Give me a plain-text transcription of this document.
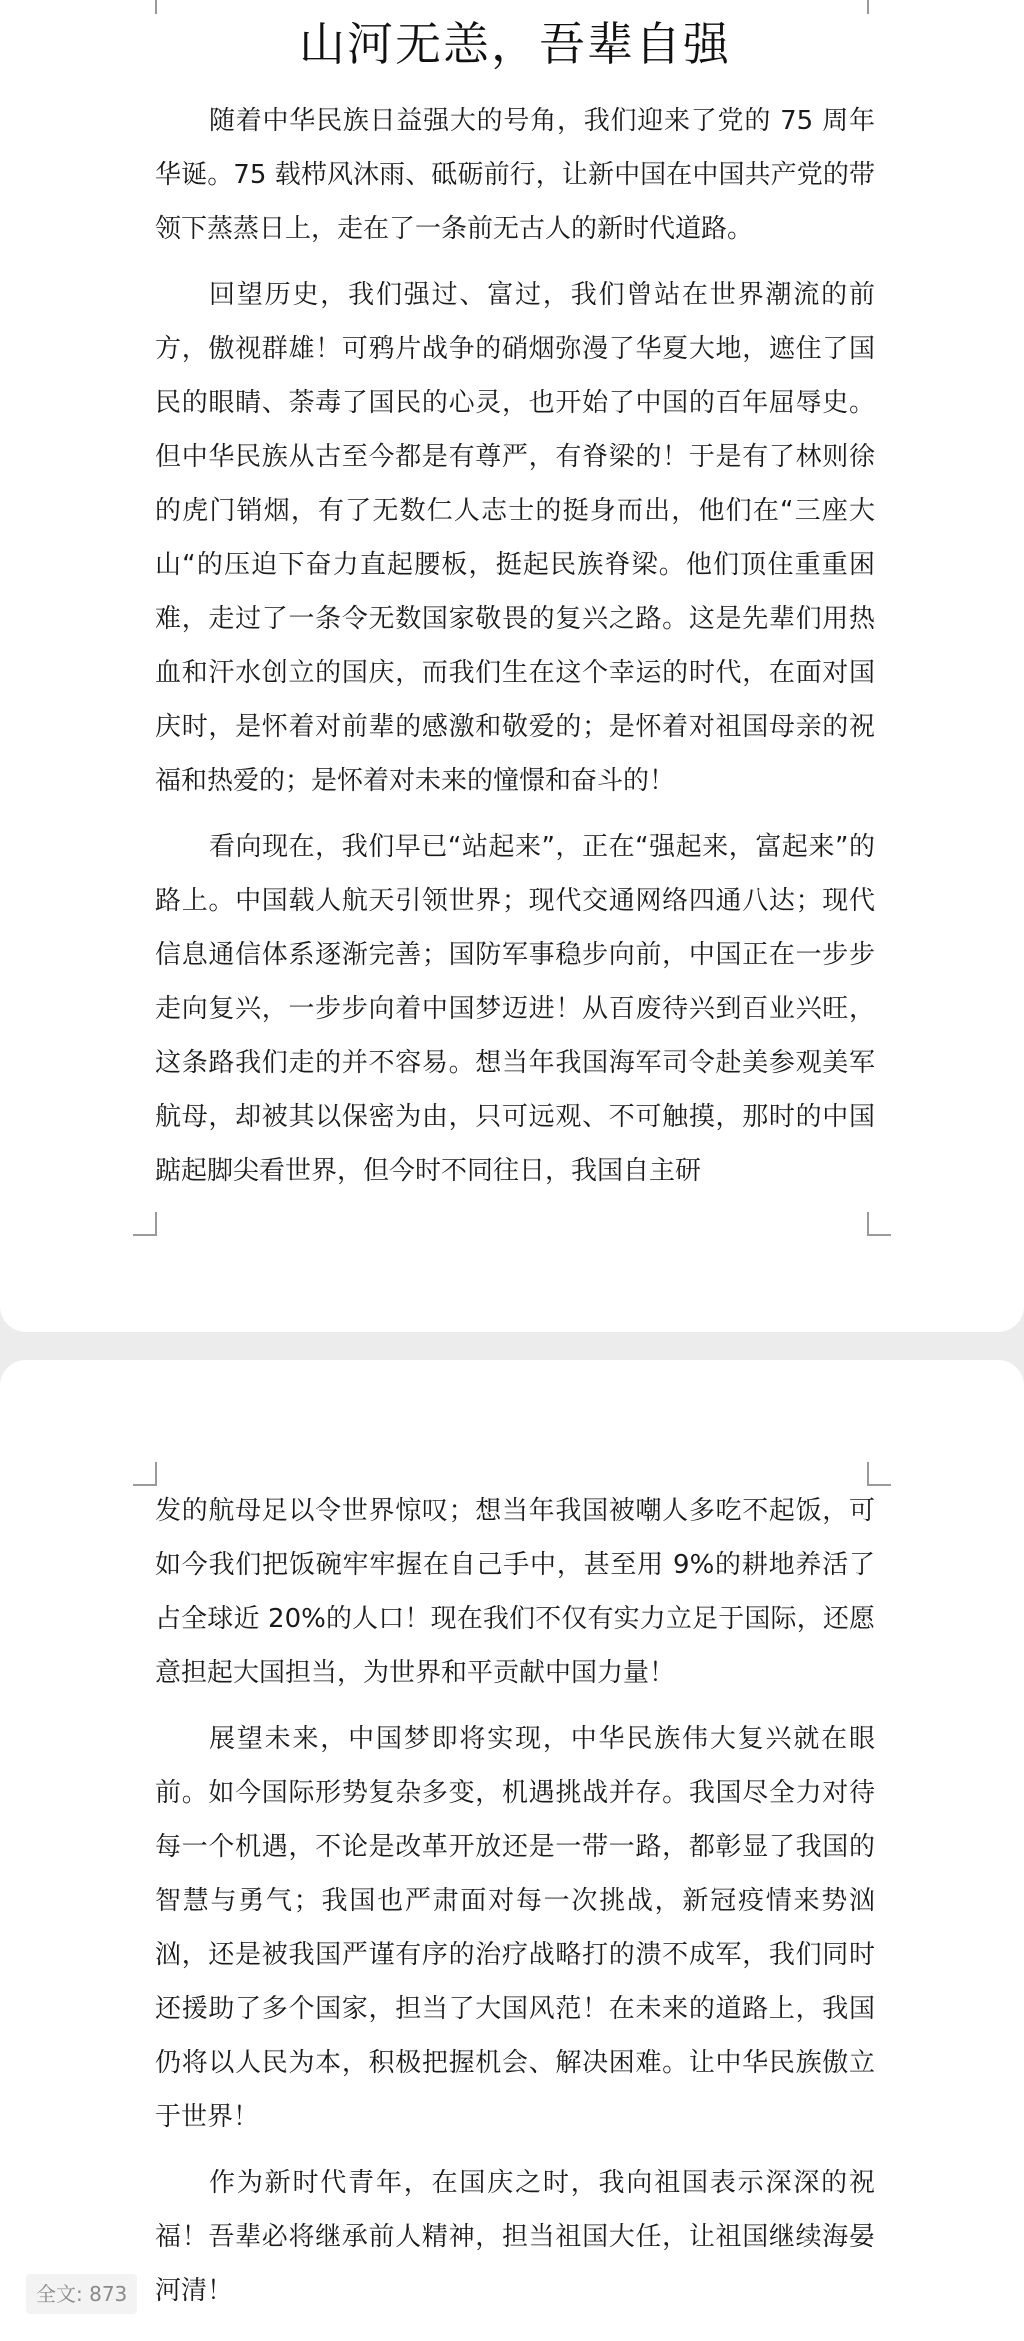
山河无恙，吾辈自强

随着中华民族日益强大的号角，我们迎来了党的 75 周年华诞。75 载栉风沐雨、砥砺前行，让新中国在中国共产党的带领下蒸蒸日上，走在了一条前无古人的新时代道路。

回望历史，我们强过、富过，我们曾站在世界潮流的前方，傲视群雄！可鸦片战争的硝烟弥漫了华夏大地，遮住了国民的眼睛、荼毒了国民的心灵，也开始了中国的百年屈辱史。但中华民族从古至今都是有尊严，有脊梁的！于是有了林则徐的虎门销烟，有了无数仁人志士的挺身而出，他们在“三座大山“的压迫下奋力直起腰板，挺起民族脊梁。他们顶住重重困难，走过了一条令无数国家敬畏的复兴之路。这是先辈们用热血和汗水创立的国庆，而我们生在这个幸运的时代，在面对国庆时，是怀着对前辈的感激和敬爱的；是怀着对祖国母亲的祝福和热爱的；是怀着对未来的憧憬和奋斗的！

看向现在，我们早已“站起来”，正在“强起来，富起来”的路上。中国载人航天引领世界；现代交通网络四通八达；现代信息通信体系逐渐完善；国防军事稳步向前，中国正在一步步走向复兴，一步步向着中国梦迈进！从百废待兴到百业兴旺，这条路我们走的并不容易。想当年我国海军司令赴美参观美军航母，却被其以保密为由，只可远观、不可触摸，那时的中国踮起脚尖看世界，但今时不同往日，我国自主研

发的航母足以令世界惊叹；想当年我国被嘲人多吃不起饭，可如今我们把饭碗牢牢握在自己手中，甚至用 9%的耕地养活了占全球近 20%的人口！现在我们不仅有实力立足于国际，还愿意担起大国担当，为世界和平贡献中国力量！

展望未来，中国梦即将实现，中华民族伟大复兴就在眼前。如今国际形势复杂多变，机遇挑战并存。我国尽全力对待每一个机遇，不论是改革开放还是一带一路，都彰显了我国的智慧与勇气；我国也严肃面对每一次挑战，新冠疫情来势汹汹，还是被我国严谨有序的治疗战略打的溃不成军，我们同时还援助了多个国家，担当了大国风范！在未来的道路上，我国仍将以人民为本，积极把握机会、解决困难。让中华民族傲立于世界！

作为新时代青年，在国庆之时，我向祖国表示深深的祝福！吾辈必将继承前人精神，担当祖国大任，让祖国继续海晏河清！

全文: 873
